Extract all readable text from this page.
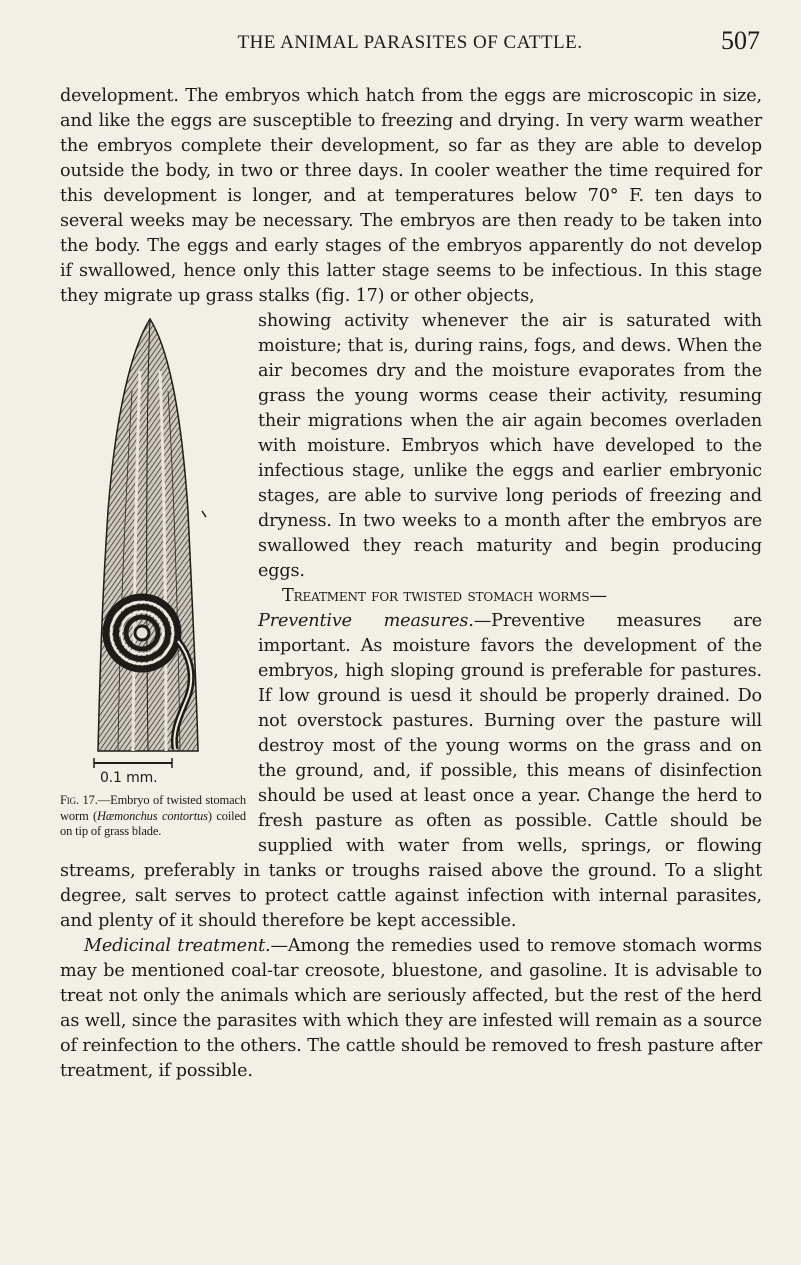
THE ANIMAL PARASITES OF CATTLE.	507

development. The embryos which hatch from the eggs are microscopic in size, and like the eggs are susceptible to freezing and drying. In very warm weather the embryos complete their development, so far as they are able to develop outside the body, in two or three days. In cooler weather the time required for this development is longer, and at temperatures below 70° F. ten days to several weeks may be necessary. The embryos are then ready to be taken into the body. The eggs and early stages of the embryos apparently do not develop if swallowed, hence only this latter stage seems to be infectious. In this stage they migrate up grass stalks (fig. 17) or other objects,

0.1 mm.
Fig. 17.—Embryo of twisted stomach worm (Hæmonchus contortus) coiled on tip of grass blade.

showing activity whenever the air is saturated with moisture; that is, during rains, fogs, and dews. When the air becomes dry and the moisture evaporates from the grass the young worms cease their activity, resuming their migrations when the air again becomes overladen with moisture. Embryos which have developed to the infectious stage, unlike the eggs and earlier embryonic stages, are able to survive long periods of freezing and dryness. In two weeks to a month after the embryos are swallowed they reach maturity and begin producing eggs.

Treatment for twisted stomach worms—
Preventive measures.—Preventive measures are important. As moisture favors the development of the embryos, high sloping ground is preferable for pastures. If low ground is uesd it should be properly drained. Do not overstock pastures. Burning over the pasture will destroy most of the young worms on the grass and on the ground, and, if possible, this means of disinfection should be used at least once a year. Change the herd to fresh pasture as often as possible. Cattle should be supplied with water from wells, springs, or flowing streams, preferably in tanks or troughs raised above the ground. To a slight degree, salt serves to protect cattle against infection with internal parasites, and plenty of it should therefore be kept accessible.

Medicinal treatment.—Among the remedies used to remove stomach worms may be mentioned coal-tar creosote, bluestone, and gasoline. It is advisable to treat not only the animals which are seriously affected, but the rest of the herd as well, since the parasites with which they are infested will remain as a source of reinfection to the others. The cattle should be removed to fresh pasture after treatment, if possible.
